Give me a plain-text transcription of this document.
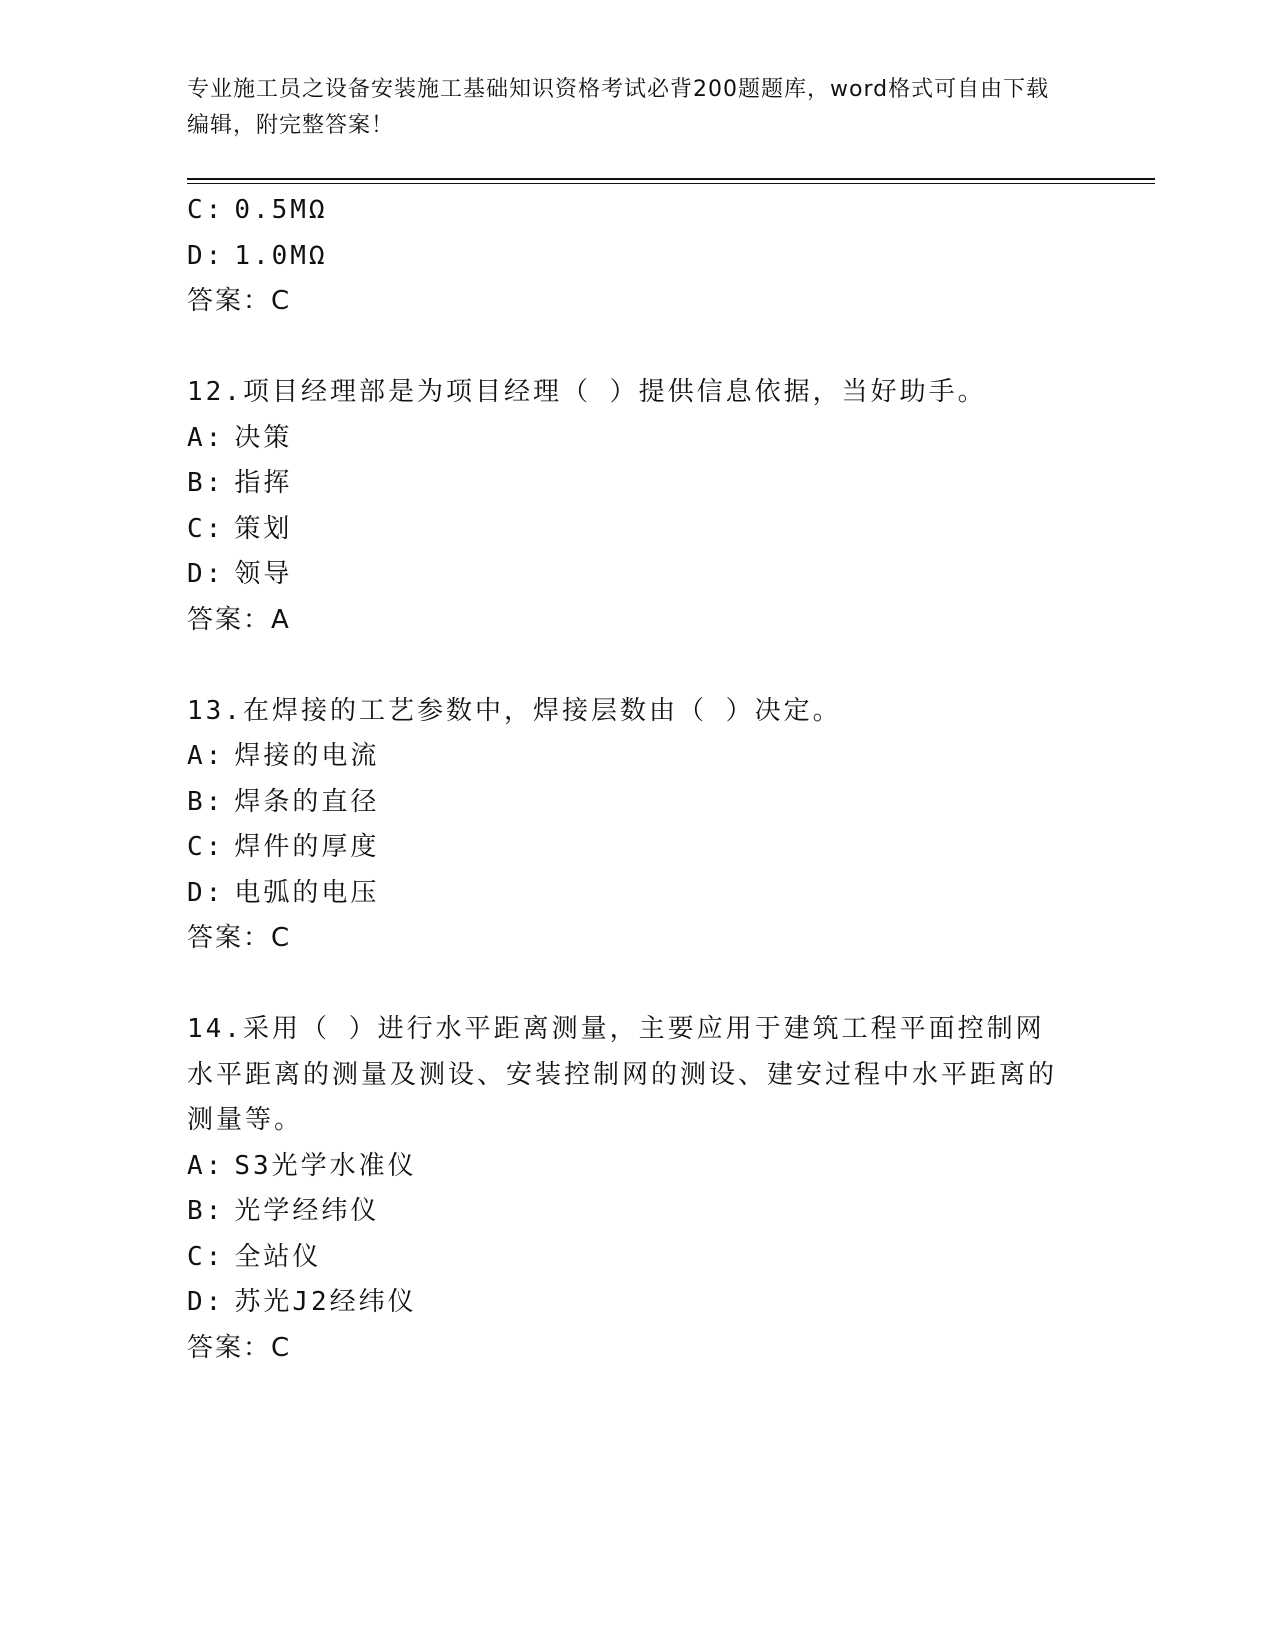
专业施工员之设备安装施工基础知识资格考试必背200题题库，word格式可自由下载编辑，附完整答案！
C: 0.5MΩ
D: 1.0MΩ
答案：C
12.项目经理部是为项目经理（ ）提供信息依据，当好助手。
A: 决策
B: 指挥
C: 策划
D: 领导
答案：A
13.在焊接的工艺参数中，焊接层数由（ ）决定。
A: 焊接的电流
B: 焊条的直径
C: 焊件的厚度
D: 电弧的电压
答案：C
14.采用（ ）进行水平距离测量，主要应用于建筑工程平面控制网水平距离的测量及测设、安装控制网的测设、建安过程中水平距离的测量等。
A: S3光学水准仪
B: 光学经纬仪
C: 全站仪
D: 苏光J2经纬仪
答案：C
